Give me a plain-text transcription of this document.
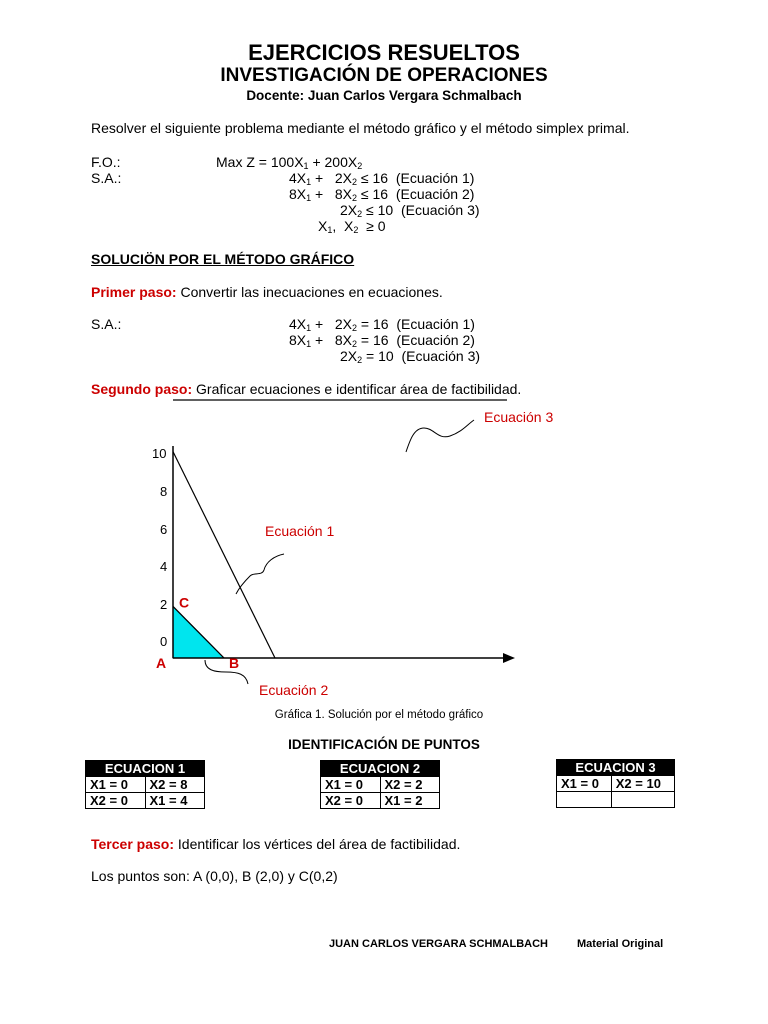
EJERCICIOS RESUELTOS
INVESTIGACIÓN DE OPERACIONES
Docente: Juan Carlos Vergara Schmalbach
Resolver el siguiente problema mediante el método gráfico y el método simplex primal.
F.O.:
S.A.:
Max $Z = 100X_1 + 200X_2$
$4X_1 + 2X_2 \le 16$  (Ecuación 1)
$8X_1 + 8X_2 \le 16$  (Ecuación 2)
$2X_2 \le 10$  (Ecuación 3)
$X_1$,  $X_2 \ge 0$
SOLUCIÖN POR EL MÉTODO GRÁFICO
Primer paso: Convertir las inecuaciones en ecuaciones.
S.A.:	$4X_1 + 2X_2 = 16$  (Ecuación 1)
$8X_1 + 8X_2 = 16$  (Ecuación 2)
$2X_2 = 10$  (Ecuación 3)
Segundo paso: Graficar ecuaciones e identificar área de factibilidad.
10
8
6
4
2
0
A	B
C
Ecuación 3
Ecuación 1
Ecuación 2
Gráfica 1. Solución por el método gráfico
IDENTIFICACIÓN DE PUNTOS
ECUACION 1	
X1 = 0	X2 = 8
X2 = 0	X1 = 4
ECUACION 2	
X1 = 0	X2 = 2
X2 = 0	X1 = 2
ECUACION 3	
X1 = 0	X2 = 10

Tercer paso: Identificar los vértices del área de factibilidad.
Los puntos son: A (0,0), B (2,0) y C(0,2)
JUAN CARLOS VERGARA SCHMALBACH	Material Original
